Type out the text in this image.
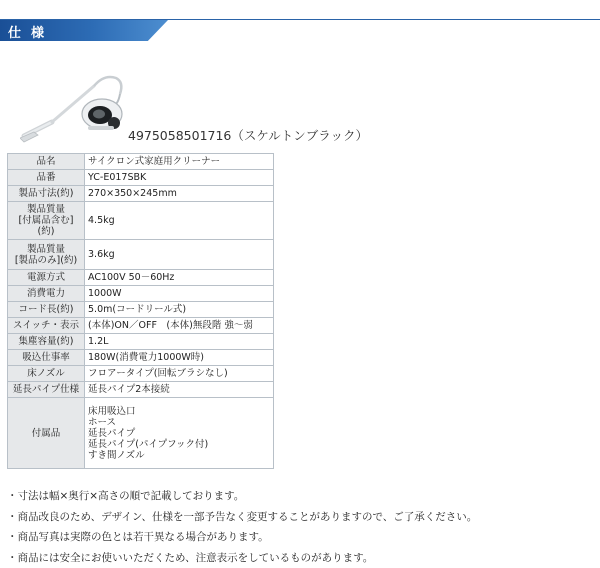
仕様
4975058501716（スケルトンブラック）
品名	サイクロン式家庭用クリーナー
品番	YC-E017SBK
製品寸法(約)	270×350×245mm
製品質量
[付属品含む](約)	4.5kg
製品質量
[製品のみ](約)	3.6kg
電源方式	AC100V 50－60Hz
消費電力	1000W
コード長(約)	5.0m(コードリール式)
スイッチ・表示	(本体)ON／OFF　(本体)無段階 強～弱
集塵容量(約)	1.2L
吸込仕事率	180W(消費電力1000W時)
床ノズル	フロアータイプ(回転ブラシなし)
延長パイプ仕様	延長パイプ2本接続
付属品	床用吸込口
ホース
延長パイプ
延長パイプ(パイプフック付)
すき間ノズル
・ 寸法は幅×奥行×高さの順で記載しております。
・ 商品改良のため、デザイン、仕様を一部予告なく変更することがありますので、ご了承ください。
・ 商品写真は実際の色とは若干異なる場合があります。
・ 商品には安全にお使いいただくため、注意表示をしているものがあります。
